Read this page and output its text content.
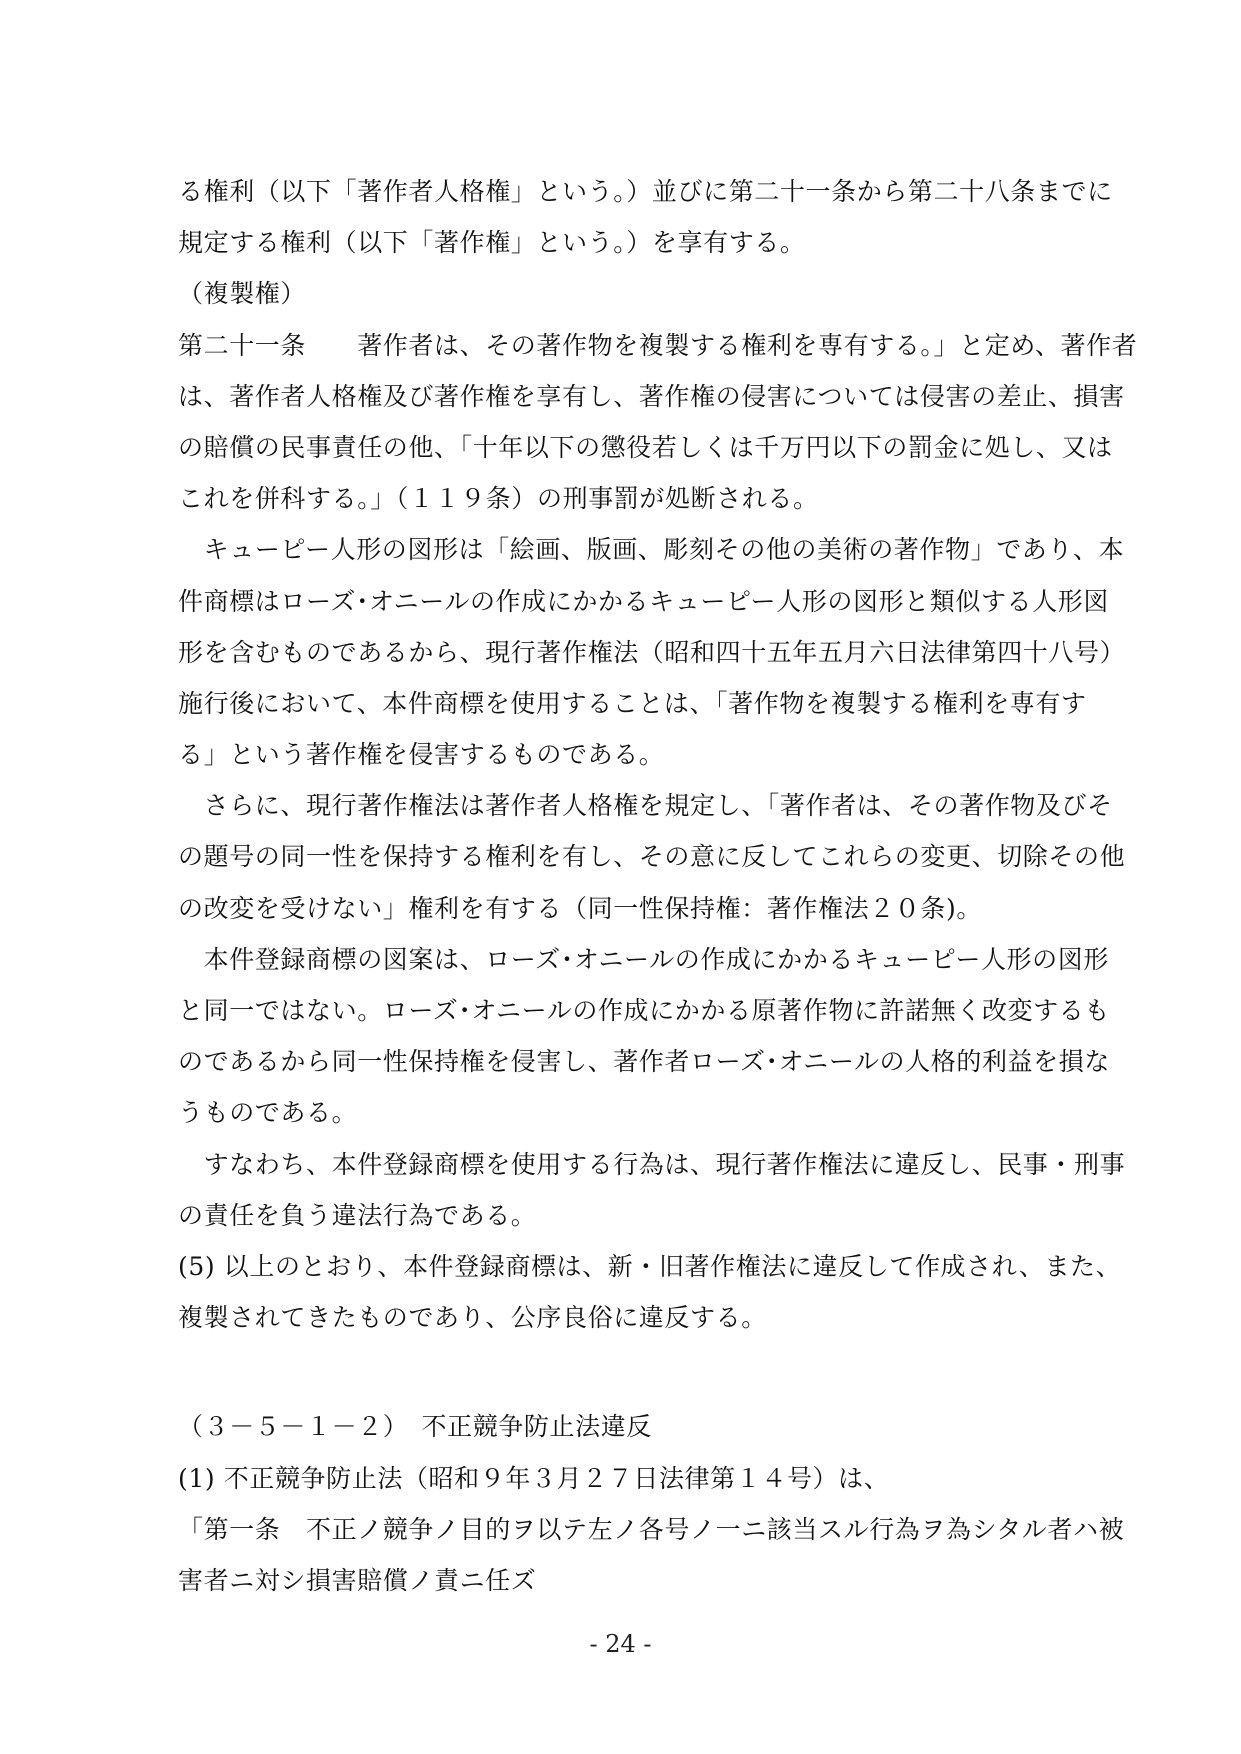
る権利（以下「著作者人格権」という。）並びに第二十一条から第二十八条までに
規定する権利（以下「著作権」という。）を享有する。
（複製権）
第二十一条　　著作者は、その著作物を複製する権利を専有する。」と定め、著作者
は、著作者人格権及び著作権を享有し、著作権の侵害については侵害の差止、損害
の賠償の民事責任の他、「十年以下の懲役若しくは千万円以下の罰金に処し、又は
これを併科する。」（１１９条）の刑事罰が処断される。
　キューピー人形の図形は「絵画、版画、彫刻その他の美術の著作物」であり、本
件商標はローズ･オニールの作成にかかるキューピー人形の図形と類似する人形図
形を含むものであるから、現行著作権法（昭和四十五年五月六日法律第四十八号）
施行後において、本件商標を使用することは、「著作物を複製する権利を専有す
る」という著作権を侵害するものである。
　さらに、現行著作権法は著作者人格権を規定し、「著作者は、その著作物及びそ
の題号の同一性を保持する権利を有し、その意に反してこれらの変更、切除その他
の改変を受けない」権利を有する（同一性保持権：著作権法２０条)。
　本件登録商標の図案は、ローズ･オニールの作成にかかるキューピー人形の図形
と同一ではない。ローズ･オニールの作成にかかる原著作物に許諾無く改変するも
のであるから同一性保持権を侵害し、著作者ローズ･オニールの人格的利益を損な
うものである。
　すなわち、本件登録商標を使用する行為は、現行著作権法に違反し、民事・刑事
の責任を負う違法行為である。
(5) 以上のとおり、本件登録商標は、新・旧著作権法に違反して作成され、また、
複製されてきたものであり、公序良俗に違反する。
（３－５－１－２）　不正競争防止法違反
(1) 不正競争防止法（昭和９年３月２７日法律第１４号）は、
「第一条　不正ノ競争ノ目的ヲ以テ左ノ各号ノ一ニ該当スル行為ヲ為シタル者ハ被
害者ニ対シ損害賠償ノ責ニ任ズ
- 24 -
